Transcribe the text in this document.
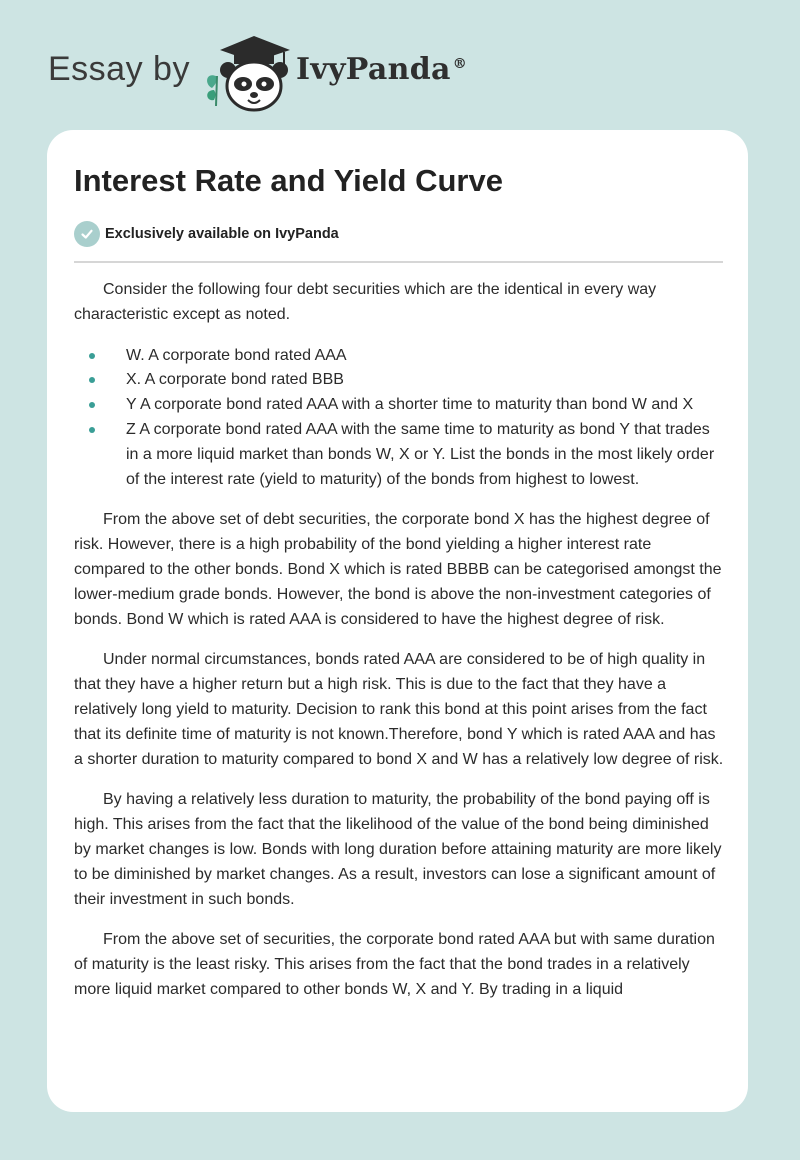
Essay by	IvyPanda ®
Interest Rate and Yield Curve
Exclusively available on IvyPanda

Consider the following four debt securities which are the identical in every way characteristic except as noted.

W. A corporate bond rated AAA
X. A corporate bond rated BBB
Y A corporate bond rated AAA with a shorter time to maturity than bond W and X
Z A corporate bond rated AAA with the same time to maturity as bond Y that trades in a more liquid market than bonds W, X or Y. List the bonds in the most likely order of the interest rate (yield to maturity) of the bonds from highest to lowest.

From the above set of debt securities, the corporate bond X has the highest degree of risk. However, there is a high probability of the bond yielding a higher interest rate compared to the other bonds. Bond X which is rated BBBB can be categorised amongst the lower-medium grade bonds. However, the bond is above the non-investment categories of bonds. Bond W which is rated AAA is considered to have the highest degree of risk.

Under normal circumstances, bonds rated AAA are considered to be of high quality in that they have a higher return but a high risk. This is due to the fact that they have a relatively long yield to maturity. Decision to rank this bond at this point arises from the fact that its definite time of maturity is not known.Therefore, bond Y which is rated AAA and has a shorter duration to maturity compared to bond X and W has a relatively low degree of risk.

By having a relatively less duration to maturity, the probability of the bond paying off is high. This arises from the fact that the likelihood of the value of the bond being diminished by market changes is low. Bonds with long duration before attaining maturity are more likely to be diminished by market changes. As a result, investors can lose a significant amount of their investment in such bonds.

From the above set of securities, the corporate bond rated AAA but with same duration of maturity is the least risky. This arises from the fact that the bond trades in a relatively more liquid market compared to other bonds W, X and Y. By trading in a liquid
